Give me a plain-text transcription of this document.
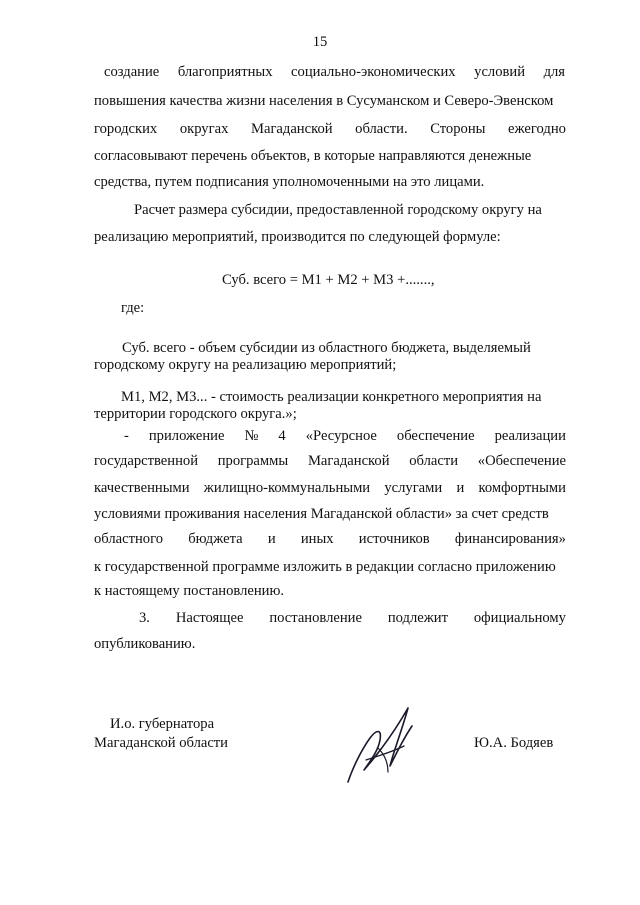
15
создание благоприятных социально-экономических условий для
повышения качества жизни населения в Сусуманском и Северо-Эвенском
городских округах Магаданской области. Стороны ежегодно
согласовывают перечень объектов, в которые направляются денежные
средства, путем подписания уполномоченными на это лицами.
Расчет размера субсидии, предоставленной городскому округу на
реализацию мероприятий, производится по следующей формуле:
Суб. всего = М1 + М2 + М3 +.......,
где:
Суб. всего - объем субсидии из областного бюджета, выделяемый
городскому округу на реализацию мероприятий;
М1, М2, М3... - стоимость реализации конкретного мероприятия на
территории городского округа.»;
- приложение № 4 «Ресурсное обеспечение реализации
государственной программы Магаданской области «Обеспечение
качественными жилищно-коммунальными услугами и комфортными
условиями проживания населения Магаданской области» за счет средств
областного бюджета и иных источников финансирования»
к государственной программе изложить в редакции согласно приложению
к настоящему постановлению.
3. Настоящее постановление подлежит официальному
опубликованию.
И.о. губернатора
Магаданской области	Ю.А. Бодяев
